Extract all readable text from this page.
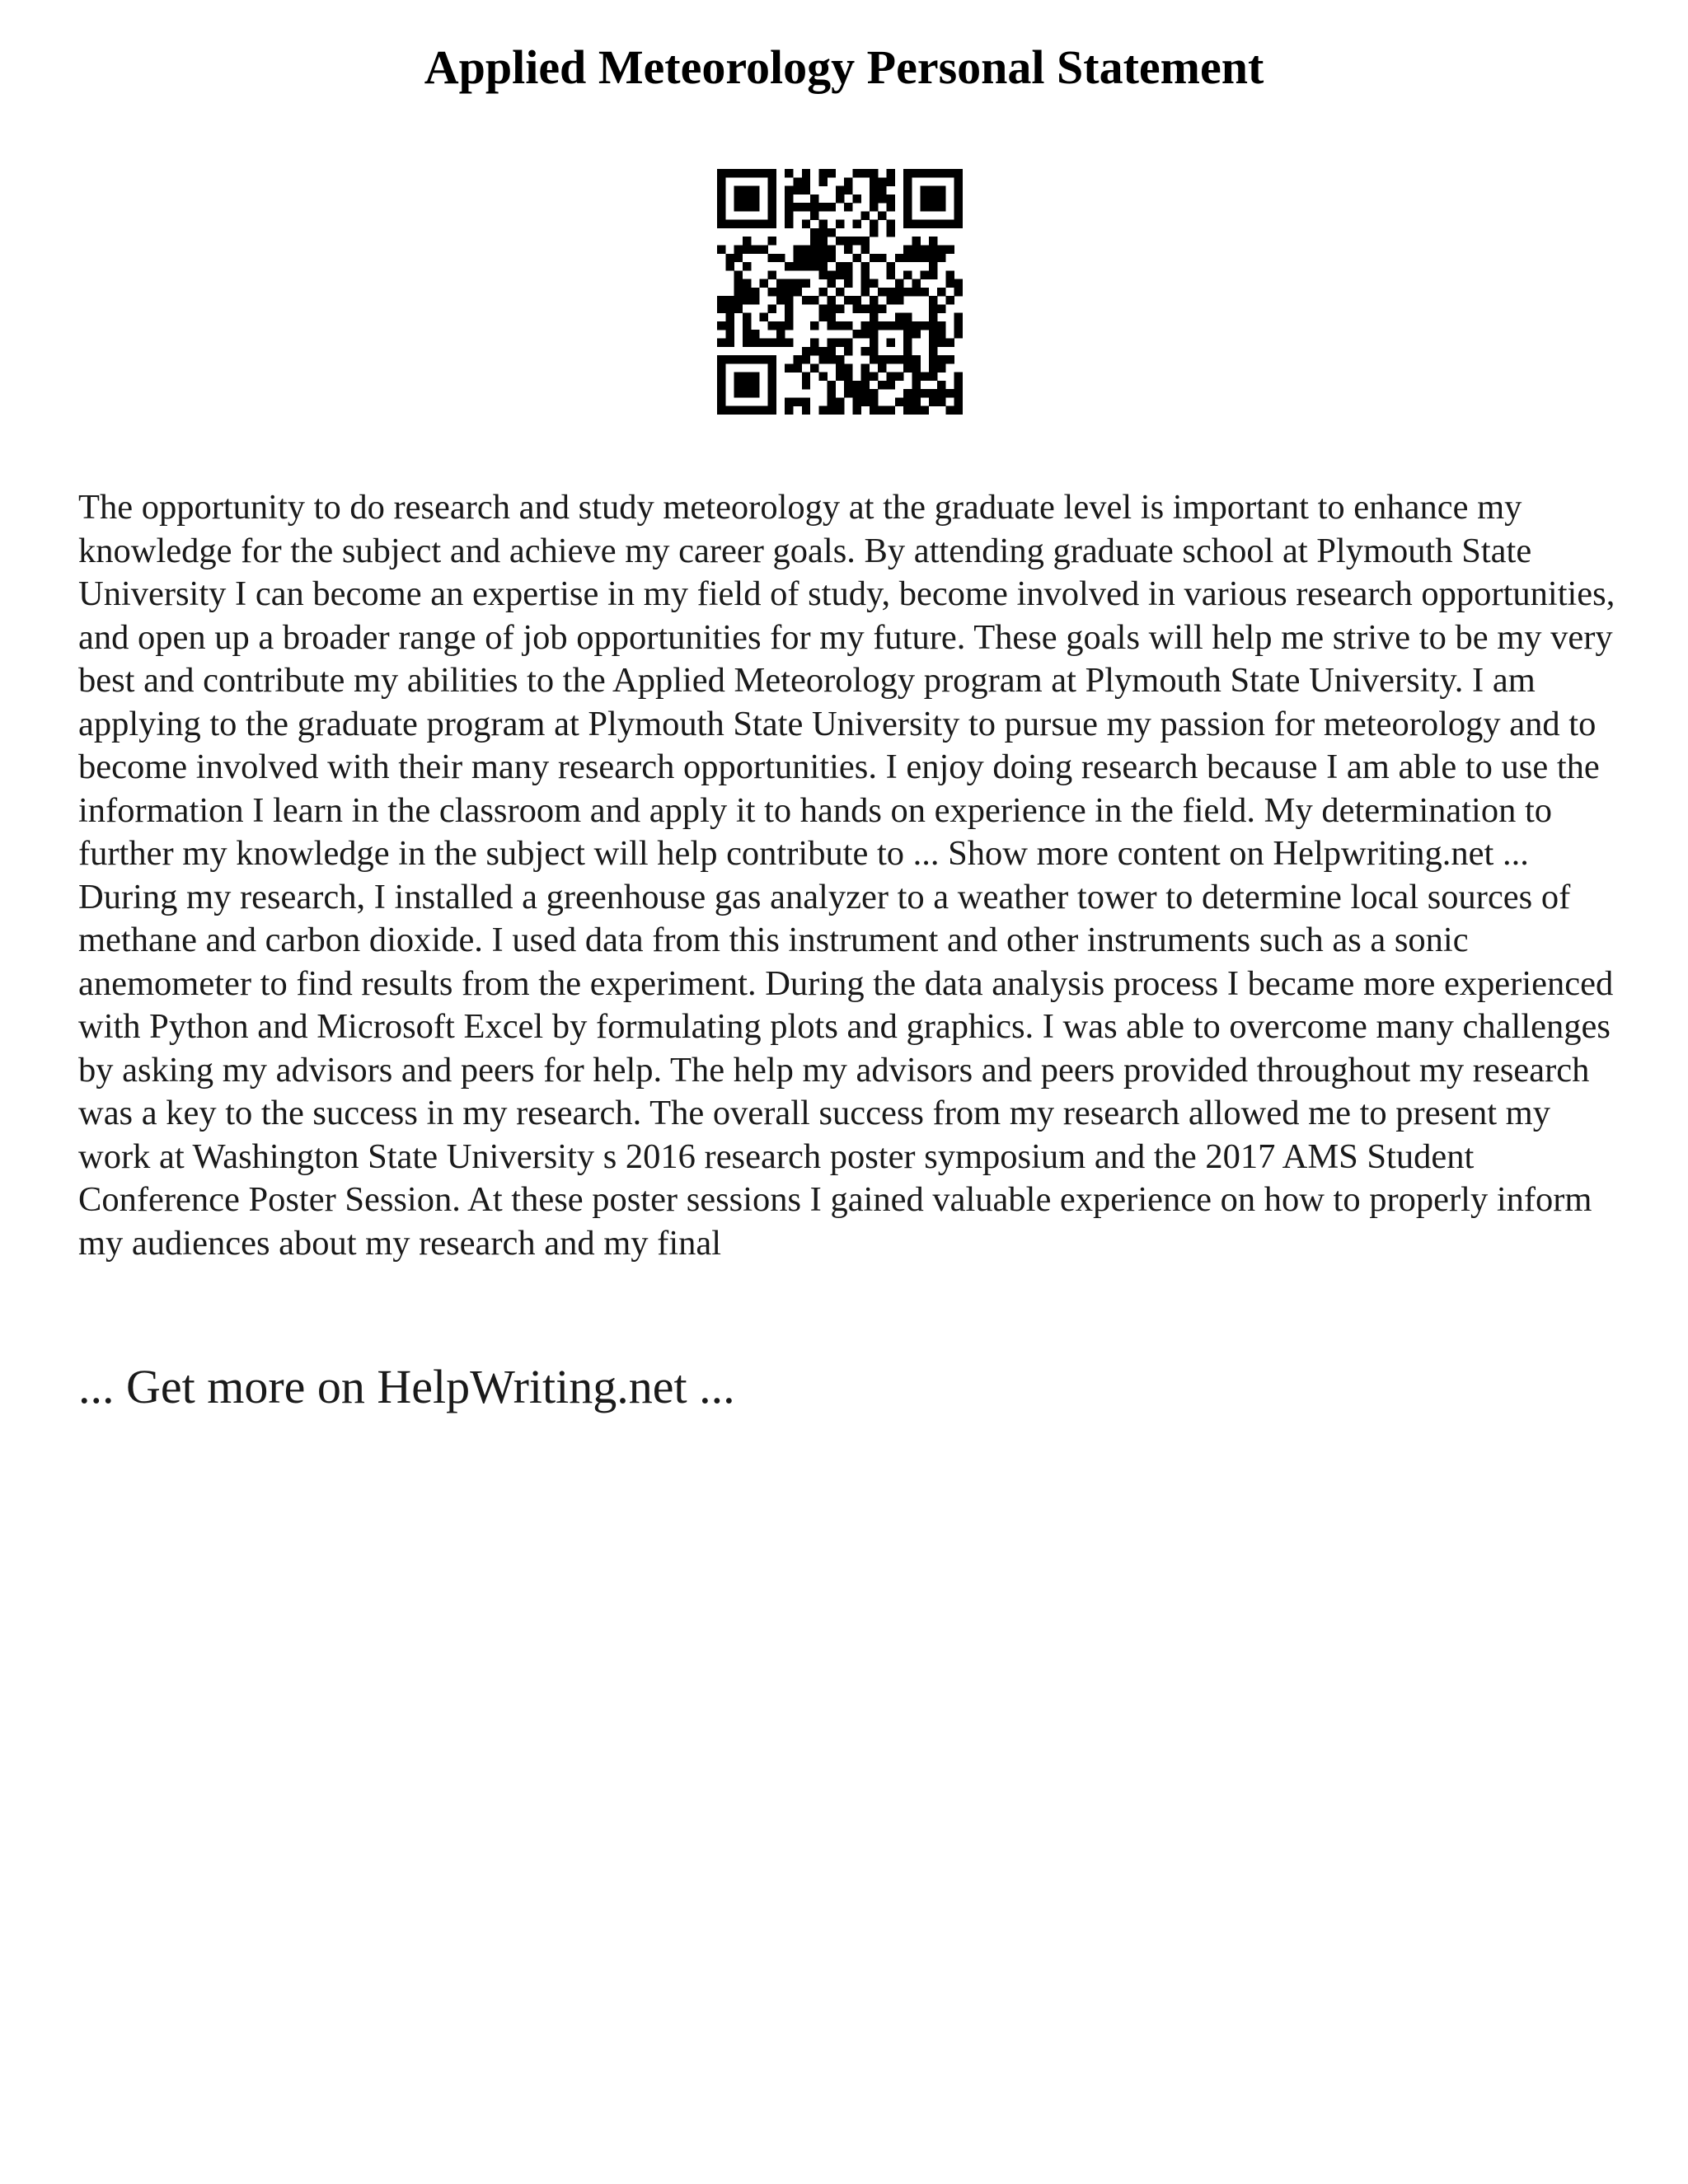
Applied Meteorology Personal Statement

The opportunity to do research and study meteorology at the graduate level is important to enhance my knowledge for the subject and achieve my career goals. By attending graduate school at Plymouth State University I can become an expertise in my field of study, become involved in various research opportunities, and open up a broader range of job opportunities for my future. These goals will help me strive to be my very best and contribute my abilities to the Applied Meteorology program at Plymouth State University. I am applying to the graduate program at Plymouth State University to pursue my passion for meteorology and to become involved with their many research opportunities. I enjoy doing research because I am able to use the information I learn in the classroom and apply it to hands on experience in the field. My determination to further my knowledge in the subject will help contribute to ... Show more content on Helpwriting.net ...

During my research, I installed a greenhouse gas analyzer to a weather tower to determine local sources of methane and carbon dioxide. I used data from this instrument and other instruments such as a sonic anemometer to find results from the experiment. During the data analysis process I became more experienced with Python and Microsoft Excel by formulating plots and graphics. I was able to overcome many challenges by asking my advisors and peers for help. The help my advisors and peers provided throughout my research was a key to the success in my research. The overall success from my research allowed me to present my work at Washington State University s 2016 research poster symposium and the 2017 AMS Student Conference Poster Session. At these poster sessions I gained valuable experience on how to properly inform my audiences about my research and my final

... Get more on HelpWriting.net ...
